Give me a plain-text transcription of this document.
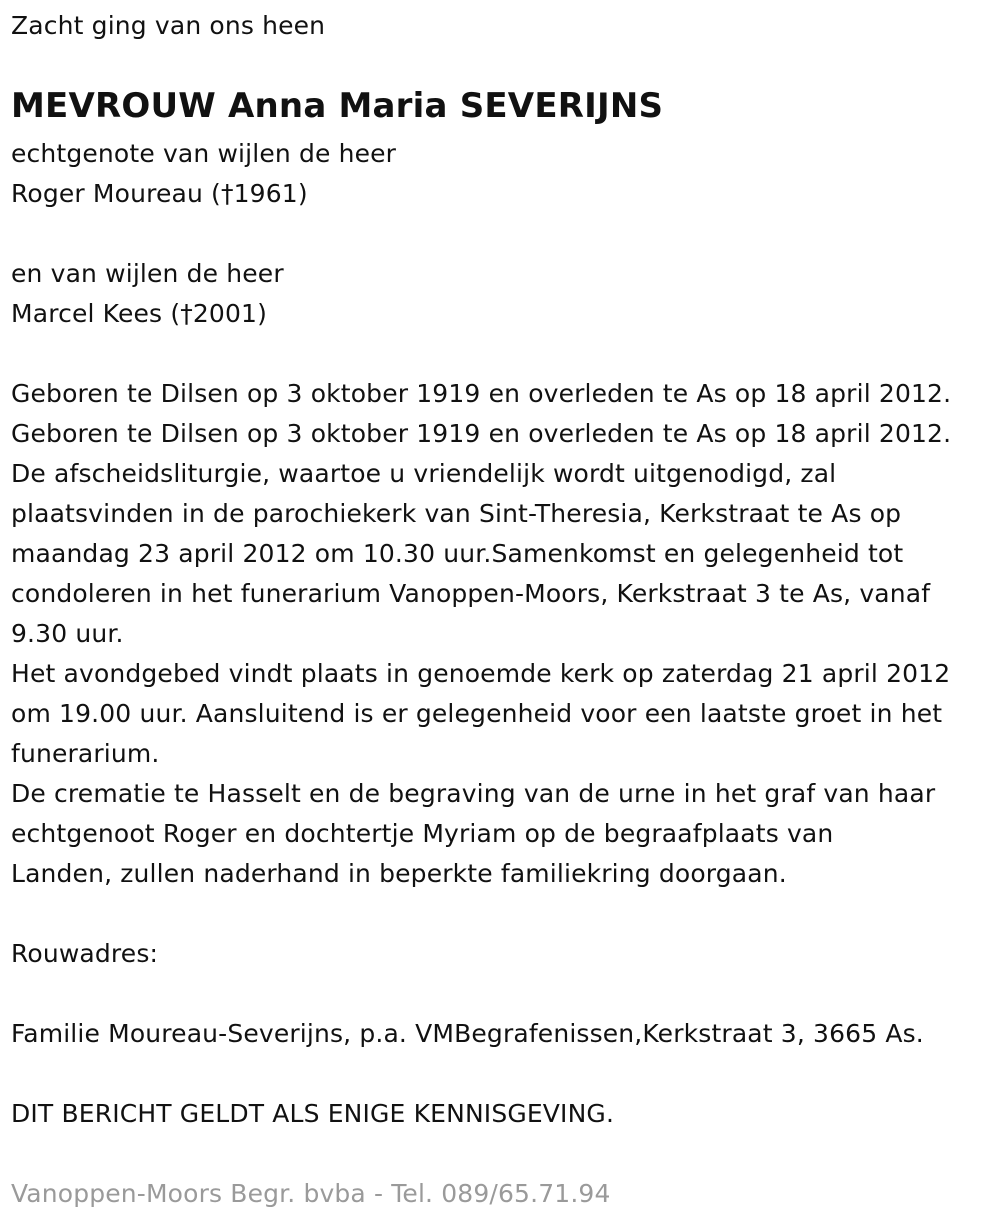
Zacht ging van ons heen
MEVROUW Anna Maria SEVERIJNS
echtgenote van wijlen de heer
Roger Moureau (†1961)
en van wijlen de heer
Marcel Kees (†2001)
Geboren te Dilsen op 3 oktober 1919 en overleden te As op 18 april 2012.
Geboren te Dilsen op 3 oktober 1919 en overleden te As op 18 april 2012.
De afscheidsliturgie, waartoe u vriendelijk wordt uitgenodigd, zal
plaatsvinden in de parochiekerk van Sint-Theresia, Kerkstraat te As op
maandag 23 april 2012 om 10.30 uur.Samenkomst en gelegenheid tot
condoleren in het funerarium Vanoppen-Moors, Kerkstraat 3 te As, vanaf
9.30 uur.
Het avondgebed vindt plaats in genoemde kerk op zaterdag 21 april 2012
om 19.00 uur. Aansluitend is er gelegenheid voor een laatste groet in het
funerarium.
De crematie te Hasselt en de begraving van de urne in het graf van haar
echtgenoot Roger en dochtertje Myriam op de begraafplaats van
Landen, zullen naderhand in beperkte familiekring doorgaan.
Rouwadres:
Familie Moureau-Severijns, p.a. VMBegrafenissen,Kerkstraat 3, 3665 As.
DIT BERICHT GELDT ALS ENIGE KENNISGEVING.
Vanoppen-Moors Begr. bvba - Tel. 089/65.71.94
